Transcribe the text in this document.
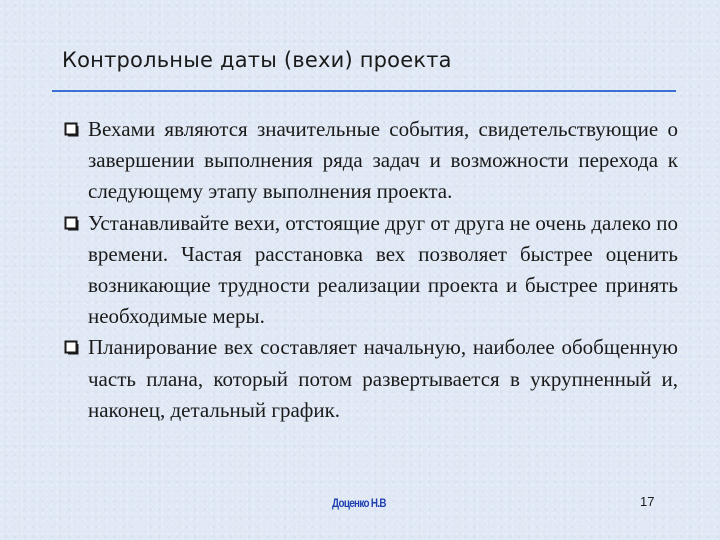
Контрольные даты (вехи) проекта
Вехами являются значительные события, свидетельствующие о завершении выполнения ряда задач и возможности перехода к следующему этапу выполнения проекта.
Устанавливайте вехи, отстоящие друг от друга не очень далеко по времени. Частая расстановка вех позволяет быстрее оценить возникающие трудности реализации проекта и быстрее принять необходимые меры.
Планирование вех составляет начальную, наиболее обобщенную часть плана, который потом развертывается в укрупненный и, наконец, детальный график.
Доценко Н.В	17
